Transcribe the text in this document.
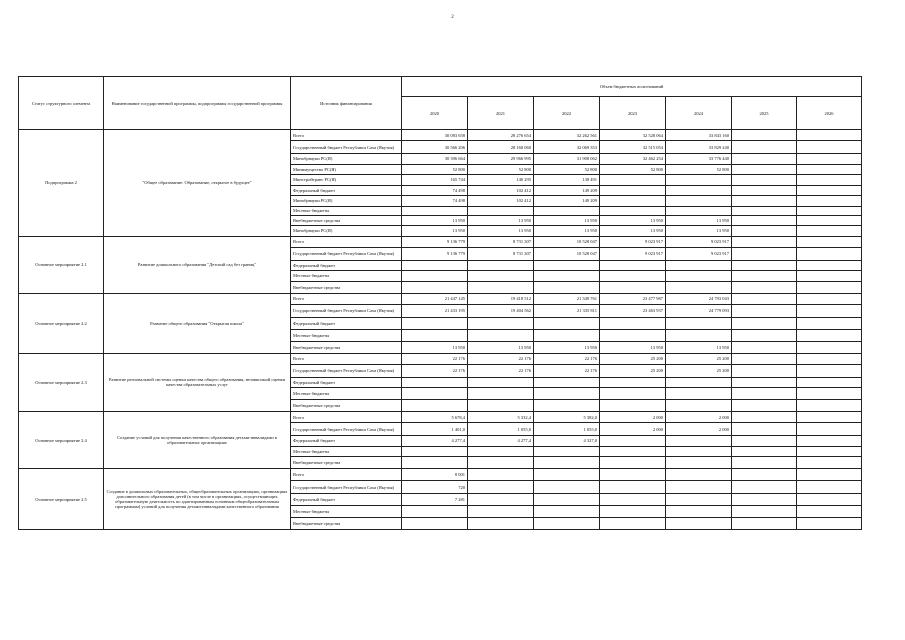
2
Статус структурного элемента	Наименование государственной программы, подпрограммы государственной программы	Источник финансирования	Объем бюджетных ассигнований						
			2020	2021	2022	2023	2024	2025	2026
Подпрограмма 2	"Общее образование: Образование, открытое в будущее"	Всего	30 083 658	28 276 654	32 262 561	32 528 064	33 843 160		
		Государственный бюджет Республики Саха (Якутия)	30 566 206	28 160 060	32 069 353	32 515 054	33 829 240		
		Минобрнауки РС(Я)	30 396 664	29 966 995	31 908 062	32 462 254	33 776 440		
		Минимущество РС(Я)	52 800	52 800	52 800	52 800	52 800		
		Минстройтранс РС(Я)	165 744	140 295	138 491				
		Федеральный бюджет	74 498	102 412	149 209				
		Минобрнауки РС(Я)	74 498	102 412	149 209				
		Местные бюджеты							
		Внебюджетные средства	13 950	13 950	13 950	13 950	13 950		
		Минобрнауки РС(Я)	13 950	13 950	13 950	13 950	13 950		
Основное мероприятие 2.1	Развитие дошкольного образования "Детский сад без границ"	Всего	9 136 779	8 731 307	10 528 047	9 023 917	9 023 917		
		Государственный бюджет Республики Саха (Якутия)	9 136 779	8 731 307	10 528 047	9 023 917	9 023 917		
		Федеральный бюджет							
		Местные бюджеты							
		Внебюджетные средства							
Основное мероприятие 2.2	Развитие общего образования "Открытая школа"	Всего	21 447 145	19 418 512	21 349 761	23 477 987	24 793 043		
		Государственный бюджет Республики Саха (Якутия)	21 433 195	19 404 562	21 335 811	23 463 937	24 779 093		
		Федеральный бюджет							
		Местные бюджеты							
		Внебюджетные средства	13 950	13 950	13 950	13 950	13 950		
Основное мероприятие 2.3	Развитие региональной системы оценки качества общего образования, независимой оценки качества образовательных услуг	Всего	22 176	22 176	22 176	25 200	25 200		
		Государственный бюджет Республики Саха (Якутия)	22 176	22 176	22 176	25 200	25 200		
		Федеральный бюджет							
		Местные бюджеты							
		Внебюджетные средства							
Основное мероприятие 2.4	Создание условий для получения качественного образования детьми-инвалидами в образовательных организациях	Всего	5 678,4	5 332,4	5 382,0	2 000	2 000		
		Государственный бюджет Республики Саха (Якутия)	1 401,0	1 055,0	1 055,0	2 000	2 000		
		Федеральный бюджет	4 277,4	4 277,4	4 327,0				
		Местные бюджеты							
		Внебюджетные средства							
Основное мероприятие 2.5	Создание в дошкольных образовательных, общеобразовательных организациях, организациях дополнительного образования детей (в том числе в организациях, осуществляющих образовательную деятельность по адаптированным основным общеобразовательным программам) условий для получения детьми-инвалидами качественного образования	Всего	8 001						
		Государственный бюджет Республики Саха (Якутия)	720						
		Федеральный бюджет	7 281						
		Местные бюджеты							
		Внебюджетные средства							
